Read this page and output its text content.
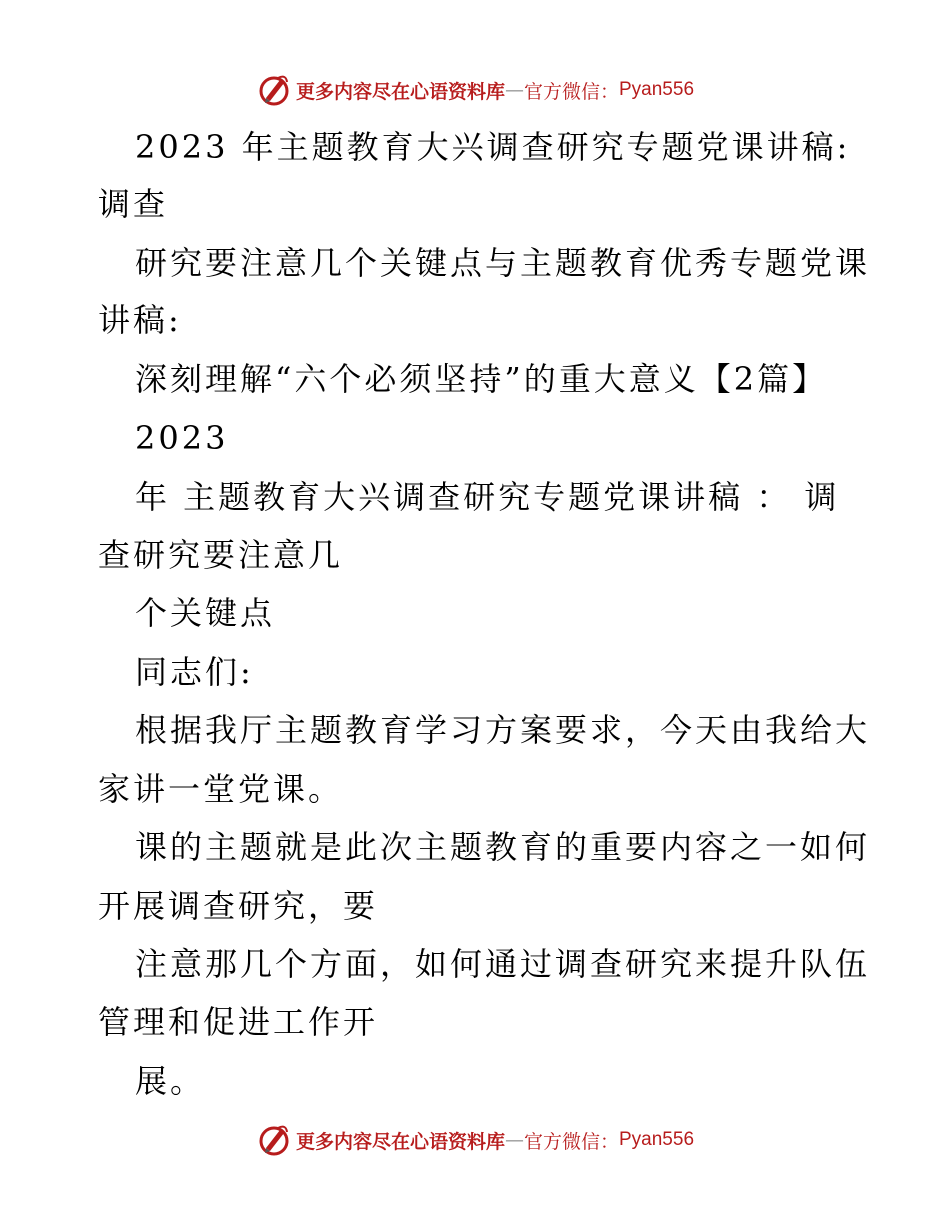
更多内容尽在心语资料库 — 官方微信： Pyan556
2023 年主题教育大兴调查研究专题党课讲稿:
调查
研究要注意几个关键点与主题教育优秀专题党课
讲稿:
深刻理解“六个必须坚持”的重大意义【2篇】
2023
年 主题教育大兴调查研究专题党课讲稿 ： 调
查研究要注意几
个关键点
同志们:
根据我厅主题教育学习方案要求，今天由我给大
家讲一堂党课。
课的主题就是此次主题教育的重要内容之一如何
开展调查研究，要
注意那几个方面，如何通过调查研究来提升队伍
管理和促进工作开
展。
更多内容尽在心语资料库 — 官方微信： Pyan556
